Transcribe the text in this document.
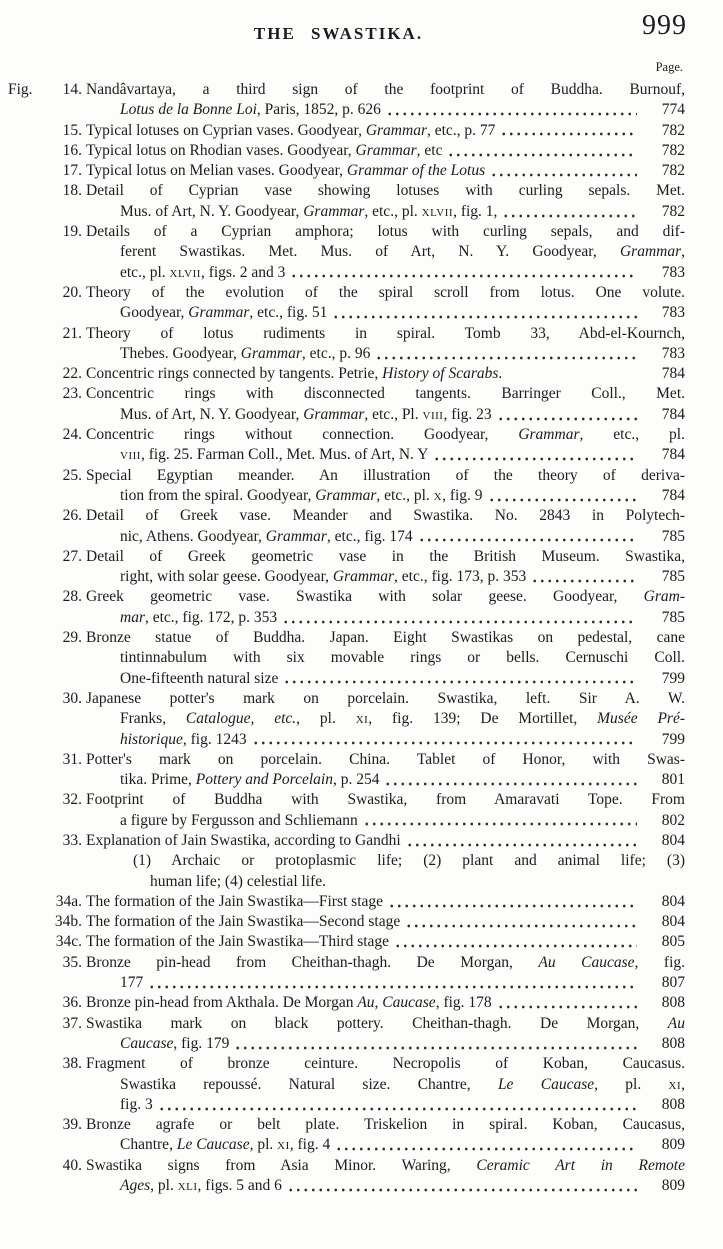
THE SWASTIKA.	999
Page.
Fig. 14. Nandâvartaya, a third sign of the footprint of Buddha. Burnouf,
Lotus de la Bonne Loi, Paris, 1852, p. 626	774
15. Typical lotuses on Cyprian vases. Goodyear, Grammar, etc., p. 77	782
16. Typical lotus on Rhodian vases. Goodyear, Grammar, etc	782
17. Typical lotus on Melian vases. Goodyear, Grammar of the Lotus	782
18. Detail of Cyprian vase showing lotuses with curling sepals. Met.
Mus. of Art, N. Y. Goodyear, Grammar, etc., pl. xlvii, fig. 1,	782
19. Details of a Cyprian amphora; lotus with curling sepals, and dif-
ferent Swastikas. Met. Mus. of Art, N. Y. Goodyear, Grammar,
etc., pl. xlvii, figs. 2 and 3	783
20. Theory of the evolution of the spiral scroll from lotus. One volute.
Goodyear, Grammar, etc., fig. 51	783
21. Theory of lotus rudiments in spiral. Tomb 33, Abd-el-Kournch,
Thebes. Goodyear, Grammar, etc., p. 96	783
22. Concentric rings connected by tangents. Petrie, History of Scarabs.	784
23. Concentric rings with disconnected tangents. Barringer Coll., Met.
Mus. of Art, N. Y. Goodyear, Grammar, etc., Pl. viii, fig. 23	784
24. Concentric rings without connection. Goodyear, Grammar, etc., pl.
viii, fig. 25. Farman Coll., Met. Mus. of Art, N. Y	784
25. Special Egyptian meander. An illustration of the theory of deriva-
tion from the spiral. Goodyear, Grammar, etc., pl. x, fig. 9	784
26. Detail of Greek vase. Meander and Swastika. No. 2843 in Polytech-
nic, Athens. Goodyear, Grammar, etc., fig. 174	785
27. Detail of Greek geometric vase in the British Museum. Swastika,
right, with solar geese. Goodyear, Grammar, etc., fig. 173, p. 353	785
28. Greek geometric vase. Swastika with solar geese. Goodyear, Gram-
mar, etc., fig. 172, p. 353	785
29. Bronze statue of Buddha. Japan. Eight Swastikas on pedestal, cane
tintinnabulum with six movable rings or bells. Cernuschi Coll.
One-fifteenth natural size	799
30. Japanese potter's mark on porcelain. Swastika, left. Sir A. W.
Franks, Catalogue, etc., pl. xi, fig. 139; De Mortillet, Musée Pré-
historique, fig. 1243	799
31. Potter's mark on porcelain. China. Tablet of Honor, with Swas-
tika. Prime, Pottery and Porcelain, p. 254	801
32. Footprint of Buddha with Swastika, from Amaravati Tope. From
a figure by Fergusson and Schliemann	802
33. Explanation of Jain Swastika, according to Gandhi	804
(1) Archaic or protoplasmic life; (2) plant and animal life; (3)
human life; (4) celestial life.
34a. The formation of the Jain Swastika—First stage	804
34b. The formation of the Jain Swastika—Second stage	804
34c. The formation of the Jain Swastika—Third stage	805
35. Bronze pin-head from Cheithan-thagh. De Morgan, Au Caucase, fig.
177	807
36. Bronze pin-head from Akthala. De Morgan Au, Caucase, fig. 178	808
37. Swastika mark on black pottery. Cheithan-thagh. De Morgan, Au
Caucase, fig. 179	808
38. Fragment of bronze ceinture. Necropolis of Koban, Caucasus.
Swastika repoussé. Natural size. Chantre, Le Caucase, pl. xi,
fig. 3	808
39. Bronze agrafe or belt plate. Triskelion in spiral. Koban, Caucasus,
Chantre, Le Caucase, pl. xi, fig. 4	809
40. Swastika signs from Asia Minor. Waring, Ceramic Art in Remote
Ages, pl. xli, figs. 5 and 6	809
